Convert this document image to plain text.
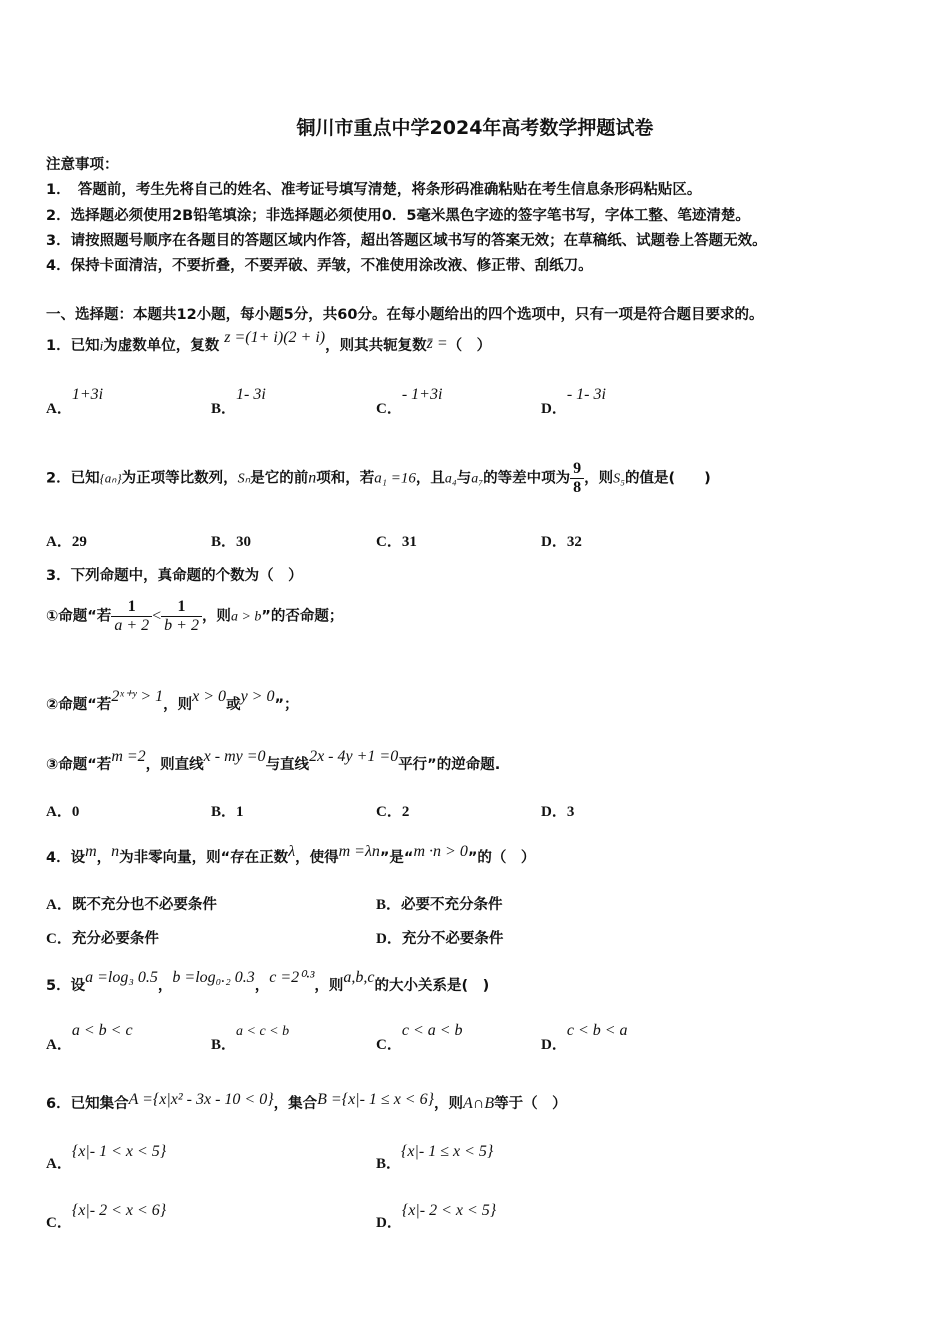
铜川市重点中学2024年高考数学押题试卷
注意事项：
1．　答题前，考生先将自己的姓名、准考证号填写清楚，将条形码准确粘贴在考生信息条形码粘贴区。
2．选择题必须使用2B铅笔填涂；非选择题必须使用0．5毫米黑色字迹的签字笔书写，字体工整、笔迹清楚。
3．请按照题号顺序在各题目的答题区域内作答，超出答题区域书写的答案无效；在草稿纸、试题卷上答题无效。
4．保持卡面清洁，不要折叠，不要弄破、弄皱，不准使用涂改液、修正带、刮纸刀。
一、选择题：本题共12小题，每小题5分，共60分。在每小题给出的四个选项中，只有一项是符合题目要求的。
1．已知i为虚数单位，复数 z =(1+ i)(2 + i)，则其共轭复数z̄ =（　）
A．1+3i
B．1- 3i
C．- 1+3i
D．- 1- 3i
2．已知{aₙ}为正项等比数列，Sₙ是它的前n项和，若a₁ =16，且a₄与a₇的等差中项为 $\frac{9}{8}$ ，则S₅的值是(　　)
A．29	B．30	C．31	D．32
3．下列命题中，真命题的个数为（　）
①命题“若 $\frac{1}{a + 2} < \frac{1}{b + 2}$ ，则a > b”的否命题；
②命题“若2ˣ⁺ʸ > 1，则x > 0或y > 0”；
③命题“若m =2，则直线x - my =0与直线2x - 4y +1 =0平行”的逆命题.
A．0	B．1	C．2	D．3
4．设m，n为非零向量，则“存在正数λ，使得m =λn”是“m ·n > 0”的（　）
A．既不充分也不必要条件	B．必要不充分条件
C．充分必要条件	D．充分不必要条件
5．设a =log₃ 0.5，b =log₀.₂ 0.3，c =2⁰·³，则a,b,c的大小关系是(　)
A．a < b < c
B．a < c < b
C．c < a < b
D．c < b < a
6．已知集合A ={x|x² - 3x - 10 < 0}，集合B ={x|- 1 ≤ x < 6}，则A∩B等于（　）
A．{x|- 1 < x < 5}
B．{x|- 1 ≤ x < 5}
C．{x|- 2 < x < 6}
D．{x|- 2 < x < 5}
